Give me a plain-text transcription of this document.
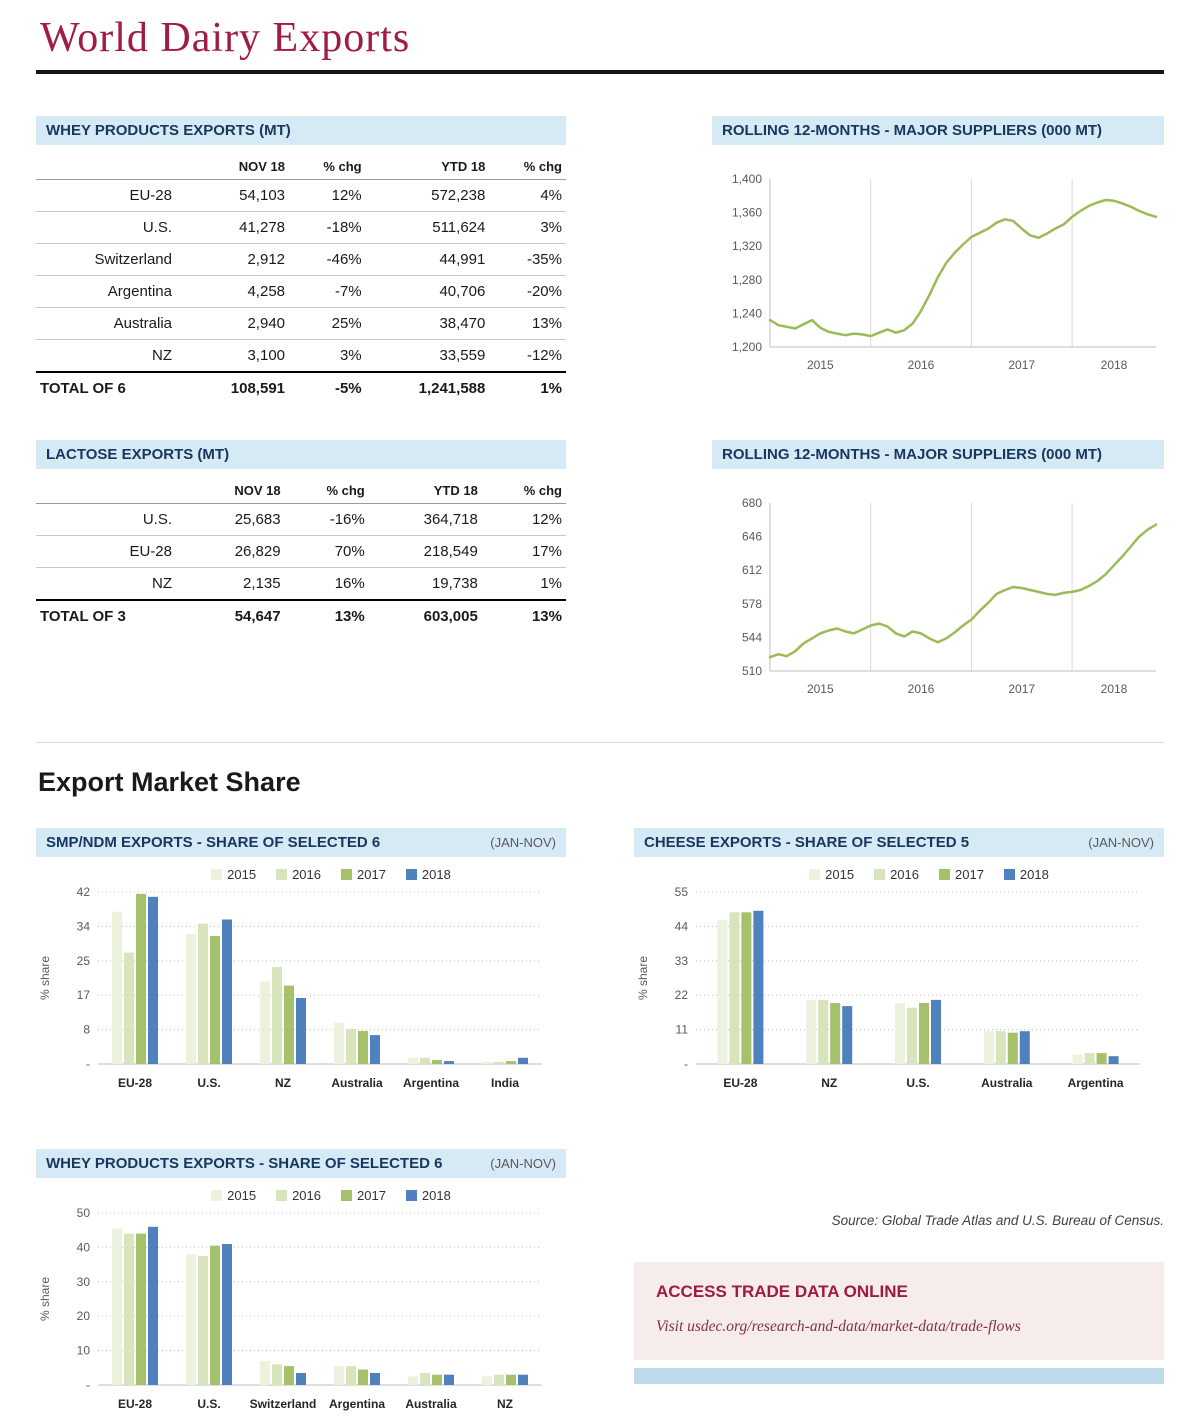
World Dairy Exports
WHEY PRODUCTS EXPORTS (MT)
	NOV 18	% chg	YTD 18	% chg
EU-28	54,103	12%	572,238	4%
U.S.	41,278	-18%	511,624	3%
Switzerland	2,912	-46%	44,991	-35%
Argentina	4,258	-7%	40,706	-20%
Australia	2,940	25%	38,470	13%
NZ	3,100	3%	33,559	-12%
TOTAL OF 6	108,591	-5%	1,241,588	1%
ROLLING 12-MONTHS - MAJOR SUPPLIERS (000 MT)
1,200
1,240
1,280
1,320
1,360
1,400
2015	2016	2017	2018
LACTOSE EXPORTS (MT)
	NOV 18	% chg	YTD 18	% chg
U.S.	25,683	-16%	364,718	12%
EU-28	26,829	70%	218,549	17%
NZ	2,135	16%	19,738	1%
TOTAL OF 3	54,647	13%	603,005	13%
ROLLING 12-MONTHS - MAJOR SUPPLIERS (000 MT)
510
544
578
612
646
680
2015	2016	2017	2018
Export Market Share
SMP/NDM EXPORTS - SHARE OF SELECTED 6	(JAN-NOV)
2015	2016	2017	2018
-
8
17
25
34
42
EU-28	U.S.	NZ	Australia Argentina	India
% share
CHEESE EXPORTS - SHARE OF SELECTED 5	(JAN-NOV)
2015	2016	2017	2018
-
11
22
33
44
55
EU-28	NZ	U.S.	Australia	Argentina
% share
WHEY PRODUCTS EXPORTS - SHARE OF SELECTED 6	(JAN-NOV)
2015	2016	2017	2018
-
10
20
30
40
50
EU-28	U.S. Switzerland Argentina Australia	NZ
% share

Source: Global Trade Atlas and U.S. Bureau of Census.

ACCESS TRADE DATA ONLINE
Visit usdec.org/research-and-data/market-data/trade-flows
